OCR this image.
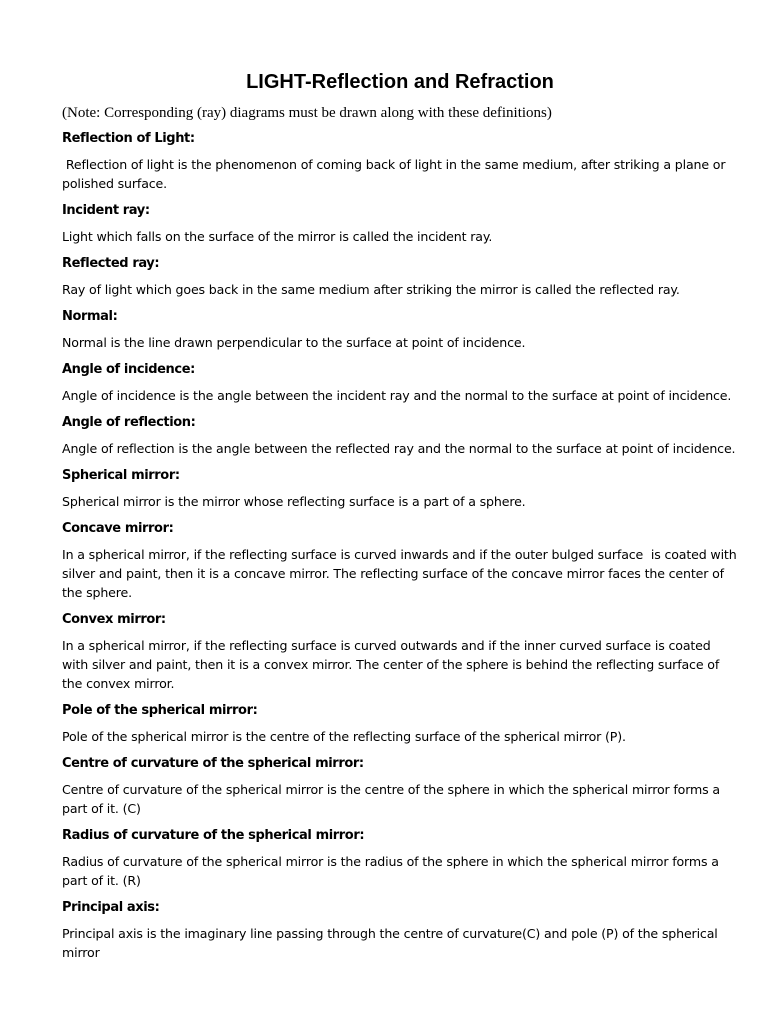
LIGHT-Reflection and Refraction
(Note: Corresponding (ray) diagrams must be drawn along with these definitions)
Reflection of Light:
Reflection of light is the phenomenon of coming back of light in the same medium, after striking a plane or polished surface.
Incident ray:
Light which falls on the surface of the mirror is called the incident ray.
Reflected ray:
Ray of light which goes back in the same medium after striking the mirror is called the reflected ray.
Normal:
Normal is the line drawn perpendicular to the surface at point of incidence.
Angle of incidence:
Angle of incidence is the angle between the incident ray and the normal to the surface at point of incidence.
Angle of reflection:
Angle of reflection is the angle between the reflected ray and the normal to the surface at point of incidence.
Spherical mirror:
Spherical mirror is the mirror whose reflecting surface is a part of a sphere.
Concave mirror:
In a spherical mirror, if the reflecting surface is curved inwards and if the outer bulged surface  is coated with silver and paint, then it is a concave mirror. The reflecting surface of the concave mirror faces the center of the sphere.
Convex mirror:
In a spherical mirror, if the reflecting surface is curved outwards and if the inner curved surface is coated with silver and paint, then it is a convex mirror. The center of the sphere is behind the reflecting surface of the convex mirror.
Pole of the spherical mirror:
Pole of the spherical mirror is the centre of the reflecting surface of the spherical mirror (P).
Centre of curvature of the spherical mirror:
Centre of curvature of the spherical mirror is the centre of the sphere in which the spherical mirror forms a part of it. (C)
Radius of curvature of the spherical mirror:
Radius of curvature of the spherical mirror is the radius of the sphere in which the spherical mirror forms a part of it. (R)
Principal axis:
Principal axis is the imaginary line passing through the centre of curvature(C) and pole (P) of the spherical mirror
